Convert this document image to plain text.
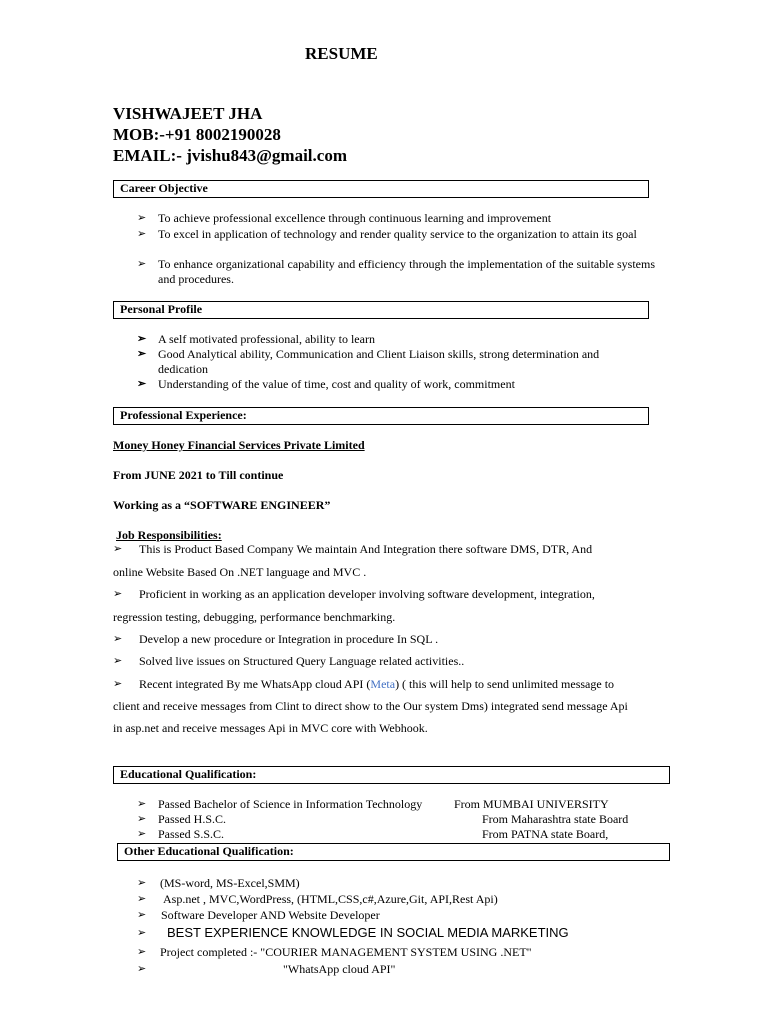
RESUME
VISHWAJEET JHA
MOB:-+91 8002190028
EMAIL:- jvishu843@gmail.com
Career Objective
➢ To achieve professional excellence through continuous learning and improvement
➢ To excel in application of technology and render quality service to the organization to attain its goal
➢ To enhance organizational capability and efficiency through the implementation of the suitable systems and procedures.
Personal Profile
➢ A self motivated professional, ability to learn
➢ Good Analytical ability, Communication and Client Liaison skills, strong determination and dedication
➢ Understanding of the value of time, cost and quality of work, commitment
Professional Experience:
Money Honey Financial Services Private Limited
From JUNE 2021 to Till continue
Working as a “SOFTWARE ENGINEER”
Job Responsibilities:
➢ This is Product Based Company We maintain And Integration there software DMS, DTR, And
online Website Based On .NET language and MVC .
➢ Proficient in working as an application developer involving software development, integration,
regression testing, debugging, performance benchmarking.
➢ Develop a new procedure or Integration in procedure In SQL .
➢ Solved live issues on Structured Query Language related activities..
➢ Recent integrated By me WhatsApp cloud API (Meta) ( this will help to send unlimited message to
client and receive messages from Clint to direct show to the Our system Dms) integrated send message Api
in asp.net and receive messages Api in MVC core with Webhook.
Educational Qualification:
➢ Passed Bachelor of Science in Information Technology	From MUMBAI UNIVERSITY
➢ Passed H.S.C.	From Maharashtra state Board
➢ Passed S.S.C.	From PATNA state Board,
Other Educational Qualification:
➢ (MS-word, MS-Excel,SMM)
➢ Asp.net , MVC,WordPress, (HTML,CSS,c#,Azure,Git, API,Rest Api)
➢ Software Developer AND Website Developer
➢ BEST EXPERIENCE KNOWLEDGE IN SOCIAL MEDIA MARKETING
➢ Project completed :- "COURIER MANAGEMENT SYSTEM USING .NET"
➢	"WhatsApp cloud API"
